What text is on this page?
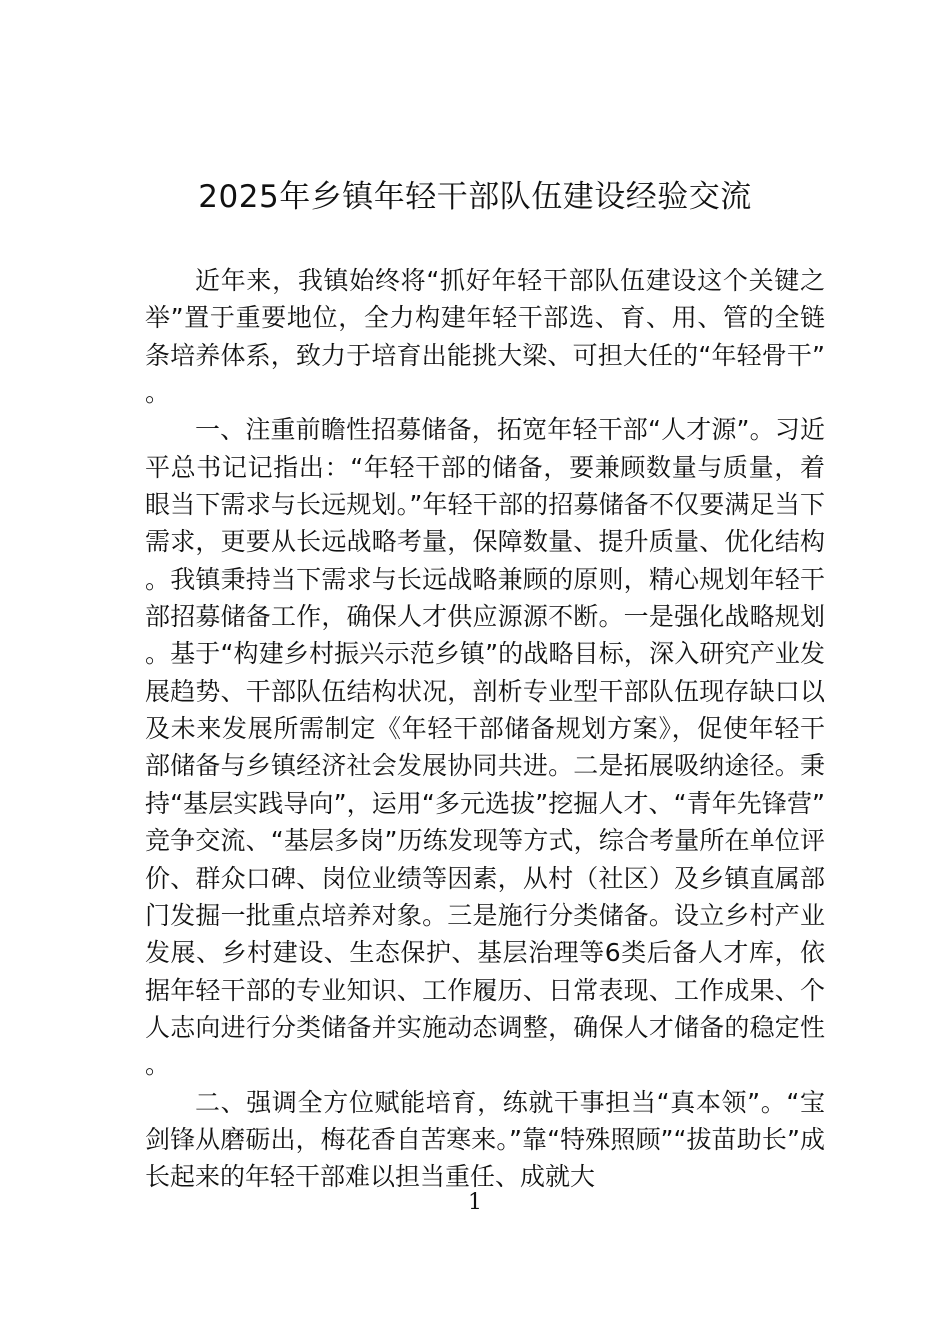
2025年乡镇年轻干部队伍建设经验交流

近年来，我镇始终将“抓好年轻干部队伍建设这个关键之举”置于重要地位，全力构建年轻干部选、育、用、管的全链条培养体系，致力于培育出能挑大梁、可担大任的“年轻骨干”。

一、注重前瞻性招募储备，拓宽年轻干部“人才源”。习近平总书记记指出：“年轻干部的储备，要兼顾数量与质量，着眼当下需求与长远规划。”年轻干部的招募储备不仅要满足当下需求，更要从长远战略考量，保障数量、提升质量、优化结构。我镇秉持当下需求与长远战略兼顾的原则，精心规划年轻干部招募储备工作，确保人才供应源源不断。一是强化战略规划。基于“构建乡村振兴示范乡镇”的战略目标，深入研究产业发展趋势、干部队伍结构状况，剖析专业型干部队伍现存缺口以及未来发展所需制定《年轻干部储备规划方案》，促使年轻干部储备与乡镇经济社会发展协同共进。二是拓展吸纳途径。秉持“基层实践导向”，运用“多元选拔”挖掘人才、“青年先锋营”竞争交流、“基层多岗”历练发现等方式，综合考量所在单位评价、群众口碑、岗位业绩等因素，从村（社区）及乡镇直属部门发掘一批重点培养对象。三是施行分类储备。设立乡村产业发展、乡村建设、生态保护、基层治理等6类后备人才库，依据年轻干部的专业知识、工作履历、日常表现、工作成果、个人志向进行分类储备并实施动态调整，确保人才储备的稳定性。

二、强调全方位赋能培育，练就干事担当“真本领”。“宝剑锋从磨砺出，梅花香自苦寒来。”靠“特殊照顾”“拔苗助长”成长起来的年轻干部难以担当重任、成就大

1
